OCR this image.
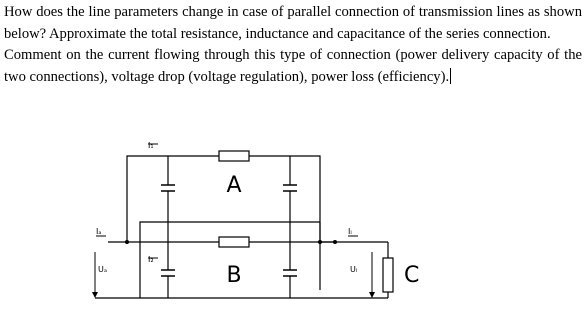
How does the line parameters change in case of parallel connection of transmission lines as shown below? Approximate the total resistance, inductance and capacitance of the series connection.

Comment on the current flowing through this type of connection (power delivery capacity of the two connections), voltage drop (voltage regulation), power loss (efficiency).

A
B	C
I₁
I₂
Iₐ	Iₗ
Uₐ	Uₗ
